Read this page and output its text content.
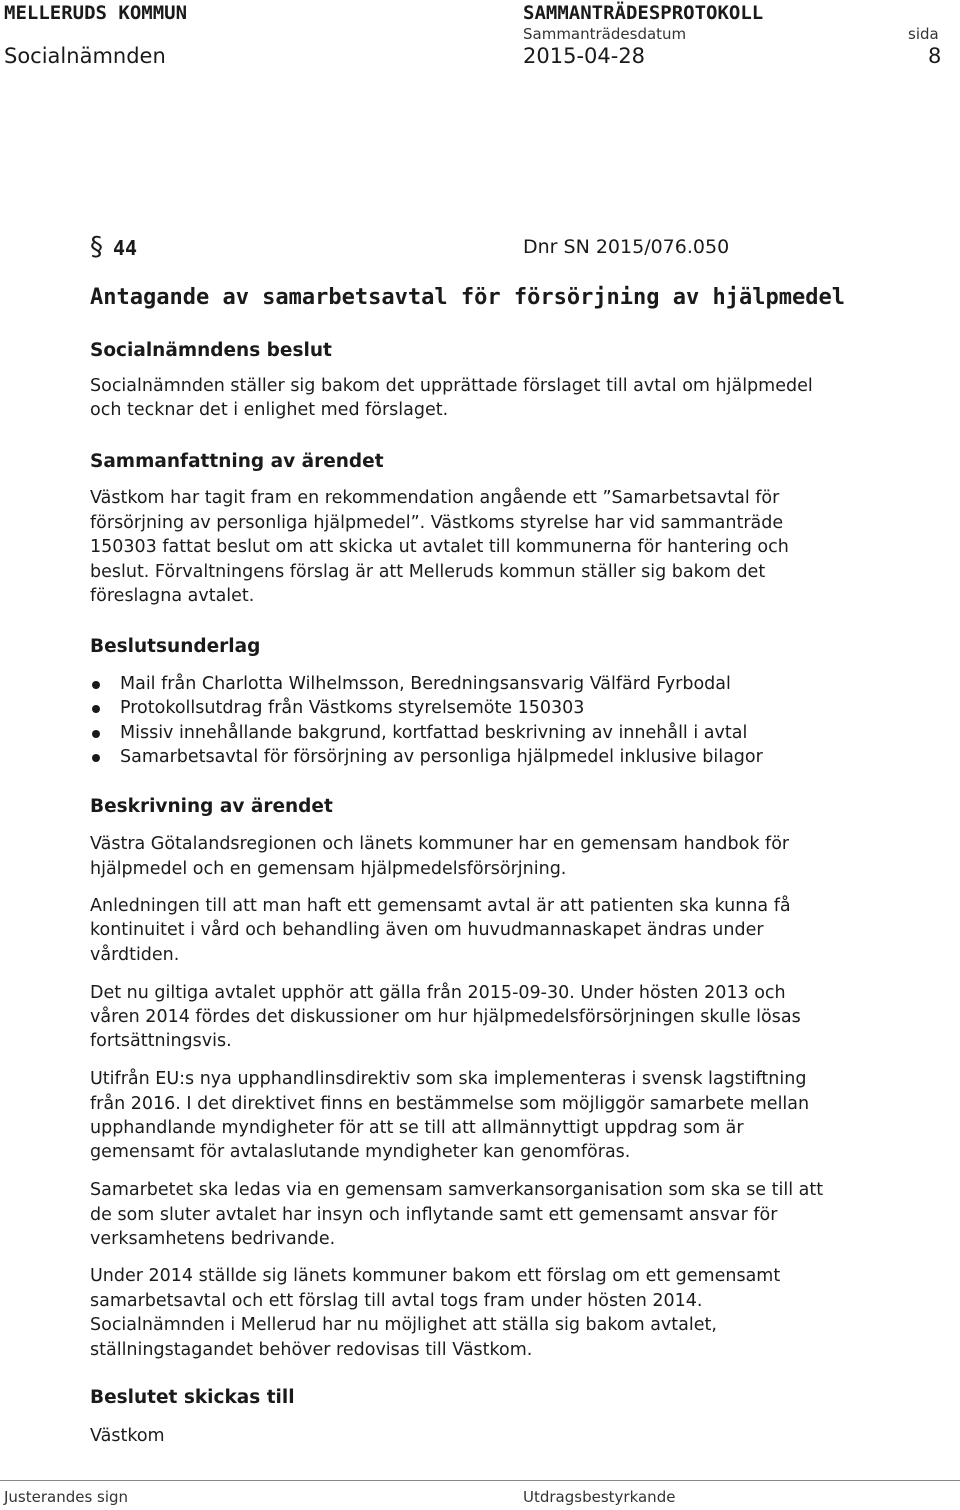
MELLERUDS KOMMUN
Socialnämnden
SAMMANTRÄDESPROTOKOLL
Sammanträdesdatum
2015-04-28
sida
8
§ 44	Dnr SN 2015/076.050
Antagande av samarbetsavtal för försörjning av hjälpmedel
Socialnämndens beslut
Socialnämnden ställer sig bakom det upprättade förslaget till avtal om hjälpmedel
och tecknar det i enlighet med förslaget.
Sammanfattning av ärendet
Västkom har tagit fram en rekommendation angående ett ”Samarbetsavtal för
försörjning av personliga hjälpmedel”. Västkoms styrelse har vid sammanträde
150303 fattat beslut om att skicka ut avtalet till kommunerna för hantering och
beslut. Förvaltningens förslag är att Melleruds kommun ställer sig bakom det
föreslagna avtalet.
Beslutsunderlag
Mail från Charlotta Wilhelmsson, Beredningsansvarig Välfärd Fyrbodal
Protokollsutdrag från Västkoms styrelsemöte 150303
Missiv innehållande bakgrund, kortfattad beskrivning av innehåll i avtal
Samarbetsavtal för försörjning av personliga hjälpmedel inklusive bilagor
Beskrivning av ärendet
Västra Götalandsregionen och länets kommuner har en gemensam handbok för
hjälpmedel och en gemensam hjälpmedelsförsörjning.
Anledningen till att man haft ett gemensamt avtal är att patienten ska kunna få
kontinuitet i vård och behandling även om huvudmannaskapet ändras under
vårdtiden.
Det nu giltiga avtalet upphör att gälla från 2015-09-30. Under hösten 2013 och
våren 2014 fördes det diskussioner om hur hjälpmedelsförsörjningen skulle lösas
fortsättningsvis.
Utifrån EU:s nya upphandlinsdirektiv som ska implementeras i svensk lagstiftning
från 2016. I det direktivet finns en bestämmelse som möjliggör samarbete mellan
upphandlande myndigheter för att se till att allmännyttigt uppdrag som är
gemensamt för avtalaslutande myndigheter kan genomföras.
Samarbetet ska ledas via en gemensam samverkansorganisation som ska se till att
de som sluter avtalet har insyn och inflytande samt ett gemensamt ansvar för
verksamhetens bedrivande.
Under 2014 ställde sig länets kommuner bakom ett förslag om ett gemensamt
samarbetsavtal och ett förslag till avtal togs fram under hösten 2014.
Socialnämnden i Mellerud har nu möjlighet att ställa sig bakom avtalet,
ställningstagandet behöver redovisas till Västkom.
Beslutet skickas till
Västkom
Justerandes sign	Utdragsbestyrkande
